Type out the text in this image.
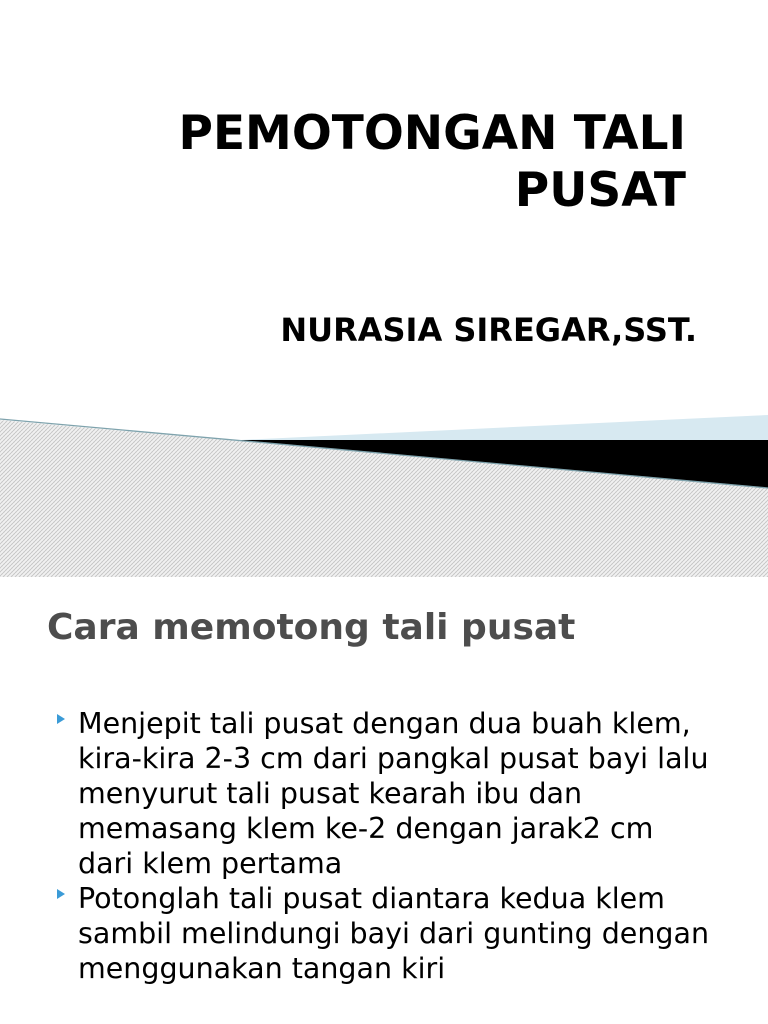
PEMOTONGAN TALI PUSAT
NURASIA SIREGAR,SST.
Cara memotong tali pusat
Menjepit tali pusat dengan dua buah klem,
kira-kira 2-3 cm dari pangkal pusat bayi lalu
menyurut tali pusat kearah ibu dan
memasang klem ke-2 dengan jarak2 cm
dari klem pertama
Potonglah tali pusat diantara kedua klem
sambil melindungi bayi dari gunting dengan
menggunakan tangan kiri
